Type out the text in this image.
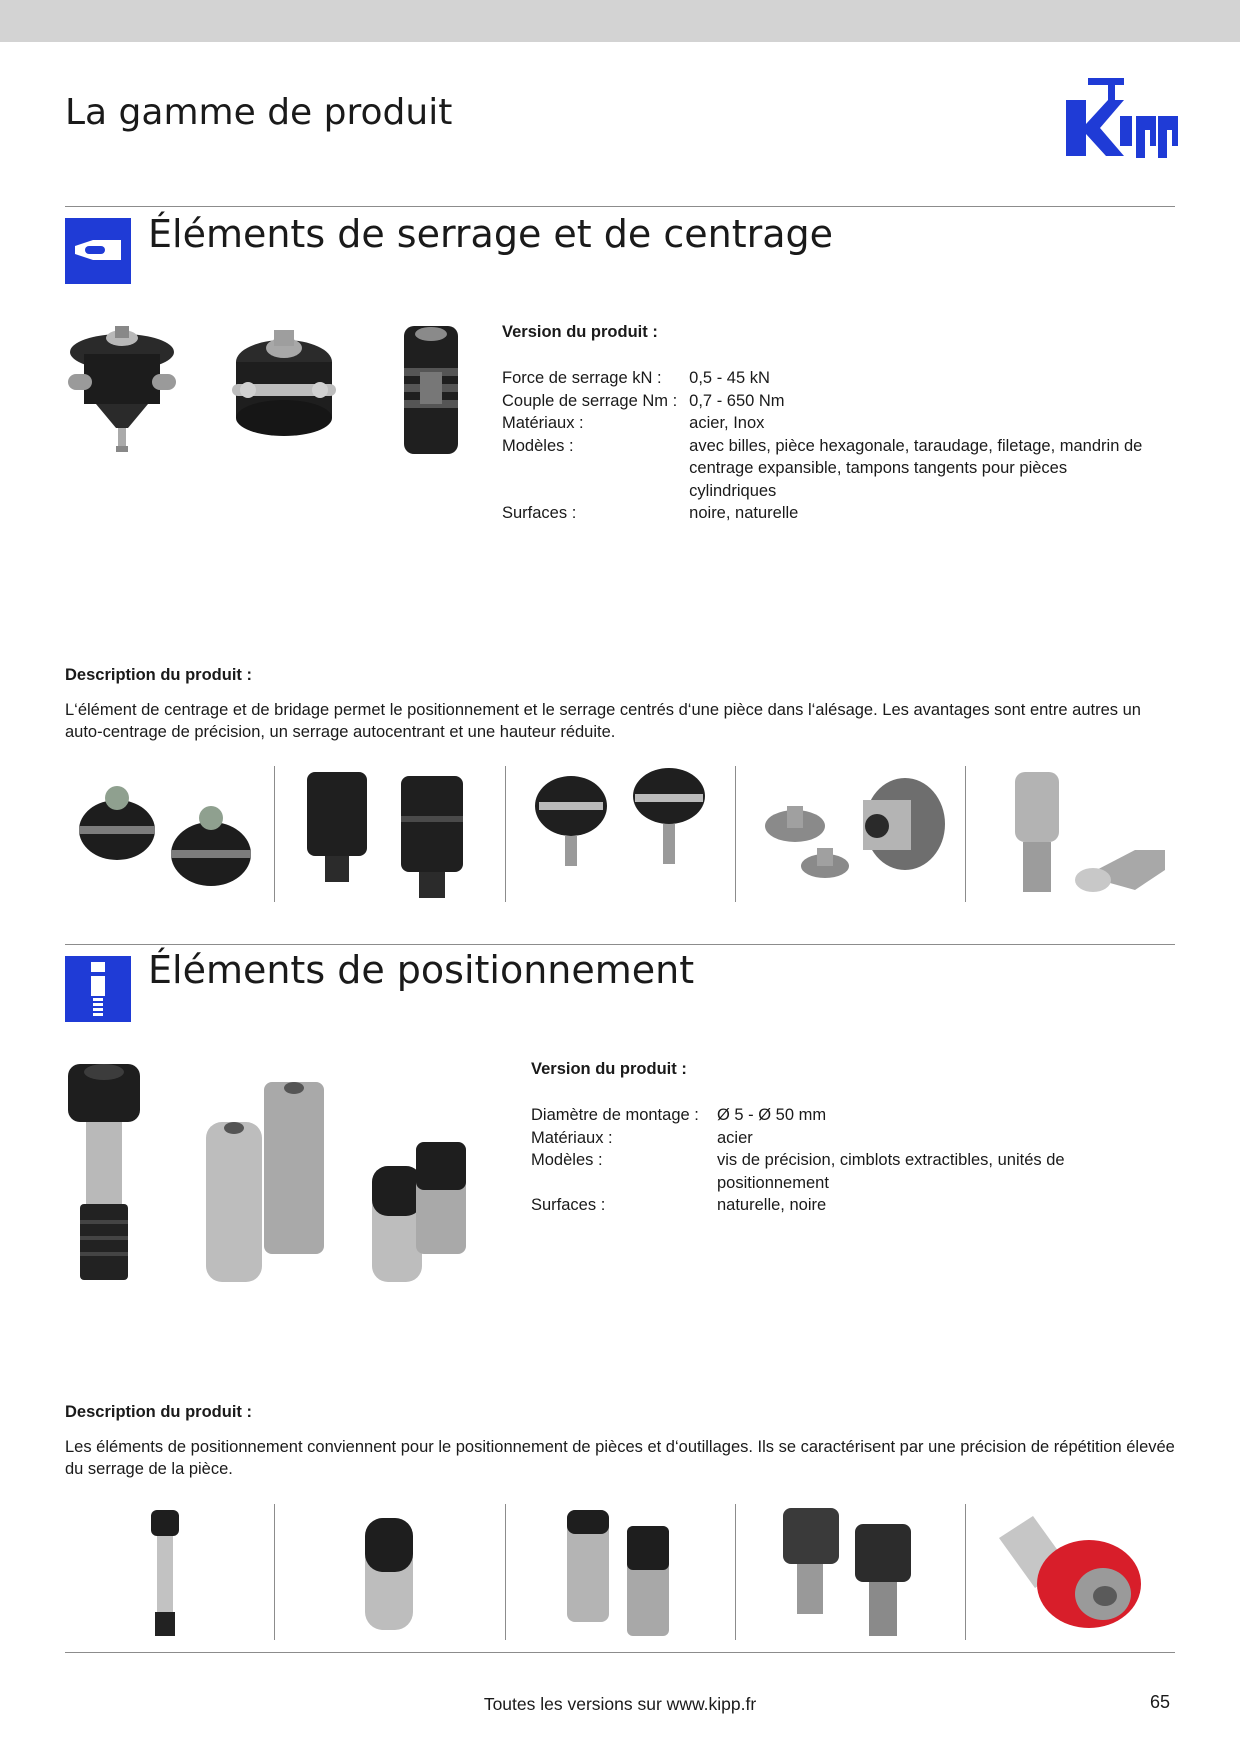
La gamme de produit
Éléments de serrage et de centrage
Version du produit :
Force de serrage kN :	0,5 - 45 kN
Couple de serrage Nm :	0,7 - 650 Nm
Matériaux :	acier, Inox
Modèles :	avec billes, pièce hexagonale, taraudage, filetage, mandrin de centrage expansible, tampons tangents pour pièces cylindriques
Surfaces :	noire, naturelle
Description du produit :
L‘élément de centrage et de bridage permet le positionnement et le serrage centrés d‘une pièce dans l‘alésage. Les avantages sont entre autres un auto-centrage de précision, un serrage autocentrant et une hauteur réduite.
Éléments de positionnement
Version du produit :
Diamètre de montage :	Ø 5 - Ø 50 mm
Matériaux :	acier
Modèles :	vis de précision, cimblots extractibles, unités de positionnement
Surfaces :	naturelle, noire
Description du produit :
Les éléments de positionnement conviennent pour le positionnement de pièces et d‘outillages. Ils se caractérisent par une précision de répétition élevée du serrage de la pièce.
Toutes les versions sur www.kipp.fr	65
